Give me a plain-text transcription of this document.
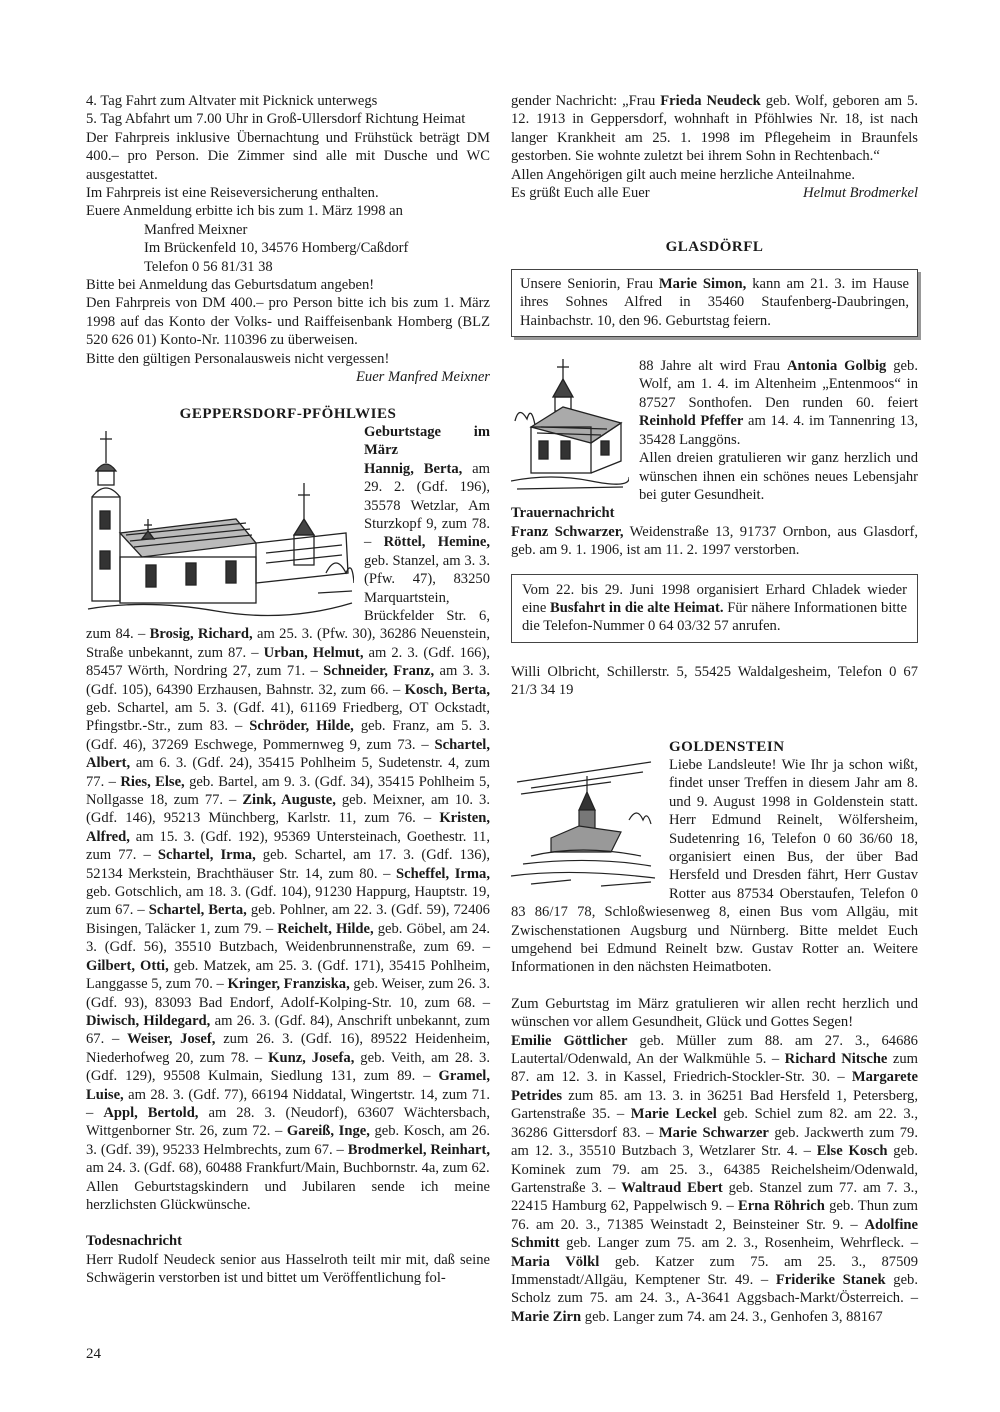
4. Tag Fahrt zum Altvater mit Picknick unterwegs

5. Tag Abfahrt um 7.00 Uhr in Groß-Ullersdorf Richtung Heimat

Der Fahrpreis inklusive Übernachtung und Frühstück beträgt DM 400.– pro Person. Die Zimmer sind alle mit Dusche und WC ausgestattet.

Im Fahrpreis ist eine Reiseversicherung enthalten.

Euere Anmeldung erbitte ich bis zum 1. März 1998 an

Manfred Meixner

Im Brückenfeld 10, 34576 Homberg/Caßdorf

Telefon 0 56 81/31 38

Bitte bei Anmeldung das Geburtsdatum angeben!

Den Fahrpreis von DM 400.– pro Person bitte ich bis zum 1. März 1998 auf das Konto der Volks- und Raiffeisenbank Homberg (BLZ 520 626 01) Konto-Nr. 110396 zu überweisen.

Bitte den gültigen Personalausweis nicht vergessen!

Euer Manfred Meixner

GEPPERSDORF-PFÖHLWIES

Geburtstage im März

Hannig, Berta, am 29. 2. (Gdf. 196), 35578 Wetzlar, Am Sturzkopf 9, zum 78. – Röttel, Hemine, geb. Stanzel, am 3. 3. (Pfw. 47), 83250 Marquartstein, Brückfelder Str. 6, zum 84. – Brosig, Richard, am 25. 3. (Pfw. 30), 36286 Neuenstein, Straße unbekannt, zum 87. – Urban, Helmut, am 2. 3. (Gdf. 166), 85457 Wörth, Nordring 27, zum 71. – Schneider, Franz, am 3. 3. (Gdf. 105), 64390 Erzhausen, Bahnstr. 32, zum 66. – Kosch, Berta, geb. Schartel, am 5. 3. (Gdf. 41), 61169 Friedberg, OT Ockstadt, Pfingstbr.-Str., zum 83. – Schröder, Hilde, geb. Franz, am 5. 3. (Gdf. 46), 37269 Eschwege, Pommernweg 9, zum 73. – Schartel, Albert, am 6. 3. (Gdf. 24), 35415 Pohlheim 5, Sudetenstr. 4, zum 77. – Ries, Else, geb. Bartel, am 9. 3. (Gdf. 34), 35415 Pohlheim 5, Nollgasse 18, zum 77. – Zink, Auguste, geb. Meixner, am 10. 3. (Gdf. 146), 95213 Münchberg, Karlstr. 11, zum 76. – Kristen, Alfred, am 15. 3. (Gdf. 192), 95369 Untersteinach, Goethestr. 11, zum 77. – Schartel, Irma, geb. Schartel, am 17. 3. (Gdf. 136), 52134 Merkstein, Brachthäuser Str. 14, zum 80. – Scheffel, Irma, geb. Gotschlich, am 18. 3. (Gdf. 104), 91230 Happurg, Hauptstr. 19, zum 67. – Schartel, Berta, geb. Pohlner, am 22. 3. (Gdf. 59), 72406 Bisingen, Taläcker 1, zum 79. – Reichelt, Hilde, geb. Göbel, am 24. 3. (Gdf. 56), 35510 Butzbach, Weidenbrunnenstraße, zum 69. – Gilbert, Otti, geb. Matzek, am 25. 3. (Gdf. 171), 35415 Pohlheim, Langgasse 5, zum 70. – Kringer, Franziska, geb. Weiser, zum 26. 3. (Gdf. 93), 83093 Bad Endorf, Adolf-Kolping-Str. 10, zum 68. – Diwisch, Hildegard, am 26. 3. (Gdf. 84), Anschrift unbekannt, zum 67. – Weiser, Josef, zum 26. 3. (Gdf. 16), 89522 Heidenheim, Niederhofweg 20, zum 78. – Kunz, Josefa, geb. Veith, am 28. 3. (Gdf. 129), 95508 Kulmain, Siedlung 131, zum 89. – Gramel, Luise, am 28. 3. (Gdf. 77), 66194 Niddatal, Wingertstr. 14, zum 71. – Appl, Bertold, am 28. 3. (Neudorf), 63607 Wächtersbach, Wittgenborner Str. 26, zum 72. – Gareiß, Inge, geb. Kosch, am 26. 3. (Gdf. 39), 95233 Helmbrechts, zum 67. – Brodmerkel, Reinhart, am 24. 3. (Gdf. 68), 60488 Frankfurt/Main, Buchbornstr. 4a, zum 62.

Allen Geburtstagskindern und Jubilaren sende ich meine herzlichsten Glückwünsche.

Todesnachricht

Herr Rudolf Neudeck senior aus Hasselroth teilt mir mit, daß seine Schwägerin verstorben ist und bittet um Veröffentlichung fol-

gender Nachricht: „Frau Frieda Neudeck geb. Wolf, geboren am 5. 12. 1913 in Geppersdorf, wohnhaft in Pföhlwies Nr. 18, ist nach langer Krankheit am 25. 1. 1998 im Pflegeheim in Braunfels gestorben. Sie wohnte zuletzt bei ihrem Sohn in Rechtenbach.“

Allen Angehörigen gilt auch meine herzliche Anteilnahme.

Es grüßt Euch alle Euer	Helmut Brodmerkel

GLASDÖRFL

Unsere Seniorin, Frau Marie Simon, kann am 21. 3. im Hause ihres Sohnes Alfred in 35460 Staufenberg-Daubringen, Hainbachstr. 10, den 96. Geburtstag feiern.

88 Jahre alt wird Frau Antonia Golbig geb. Wolf, am 1. 4. im Altenheim „Entenmoos“ in 87527 Sonthofen. Den runden 60. feiert Reinhold Pfeffer am 14. 4. im Tannenring 13, 35428 Langgöns.

Allen dreien gratulieren wir ganz herzlich und wünschen ihnen ein schönes neues Lebensjahr bei guter Gesundheit.

Trauernachricht

Franz Schwarzer, Weidenstraße 13, 91737 Ornbon, aus Glasdorf, geb. am 9. 1. 1906, ist am 11. 2. 1997 verstorben.

Vom 22. bis 29. Juni 1998 organisiert Erhard Chladek wieder eine Busfahrt in die alte Heimat. Für nähere Informationen bitte die Telefon-Nummer 0 64 03/32 57 anrufen.

Willi Olbricht, Schillerstr. 5, 55425 Waldalgesheim, Telefon 0 67 21/3 34 19

GOLDENSTEIN

Liebe Landsleute! Wie Ihr ja schon wißt, findet unser Treffen in diesem Jahr am 8. und 9. August 1998 in Goldenstein statt. Herr Edmund Reinelt, Wölfersheim, Sudetenring 16, Telefon 0 60 36/60 18, organisiert einen Bus, der über Bad Hersfeld und Dresden fährt, Herr Gustav Rotter aus 87534 Oberstaufen, Telefon 0 83 86/17 78, Schloßwiesenweg 8, einen Bus vom Allgäu, mit Zwischenstationen Augsburg und Nürnberg. Bitte meldet Euch umgehend bei Edmund Reinelt bzw. Gustav Rotter an. Weitere Informationen in den nächsten Heimatboten.

Zum Geburtstag im März gratulieren wir allen recht herzlich und wünschen vor allem Gesundheit, Glück und Gottes Segen!

Emilie Göttlicher geb. Müller zum 88. am 27. 3., 64686 Lautertal/Odenwald, An der Walkmühle 5. – Richard Nitsche zum 87. am 12. 3. in Kassel, Friedrich-Stockler-Str. 30. – Margarete Petrides zum 85. am 13. 3. in 36251 Bad Hersfeld 1, Petersberg, Gartenstraße 35. – Marie Leckel geb. Schiel zum 82. am 22. 3., 36286 Gittersdorf 83. – Marie Schwarzer geb. Jackwerth zum 79. am 12. 3., 35510 Butzbach 3, Wetzlarer Str. 4. – Else Kosch geb. Kominek zum 79. am 25. 3., 64385 Reichelsheim/Odenwald, Gartenstraße 3. – Waltraud Ebert geb. Stanzel zum 77. am 7. 3., 22415 Hamburg 62, Pappelwisch 9. – Erna Röhrich geb. Thun zum 76. am 20. 3., 71385 Weinstadt 2, Beinsteiner Str. 9. – Adolfine Schmitt geb. Langer zum 75. am 2. 3., Rosenheim, Wehrfleck. – Maria Völkl geb. Katzer zum 75. am 25. 3., 87509 Immenstadt/Allgäu, Kemptener Str. 49. – Friderike Stanek geb. Scholz zum 75. am 24. 3., A-3641 Aggsbach-Markt/Österreich. – Marie Zirn geb. Langer zum 74. am 24. 3., Genhofen 3, 88167

24
